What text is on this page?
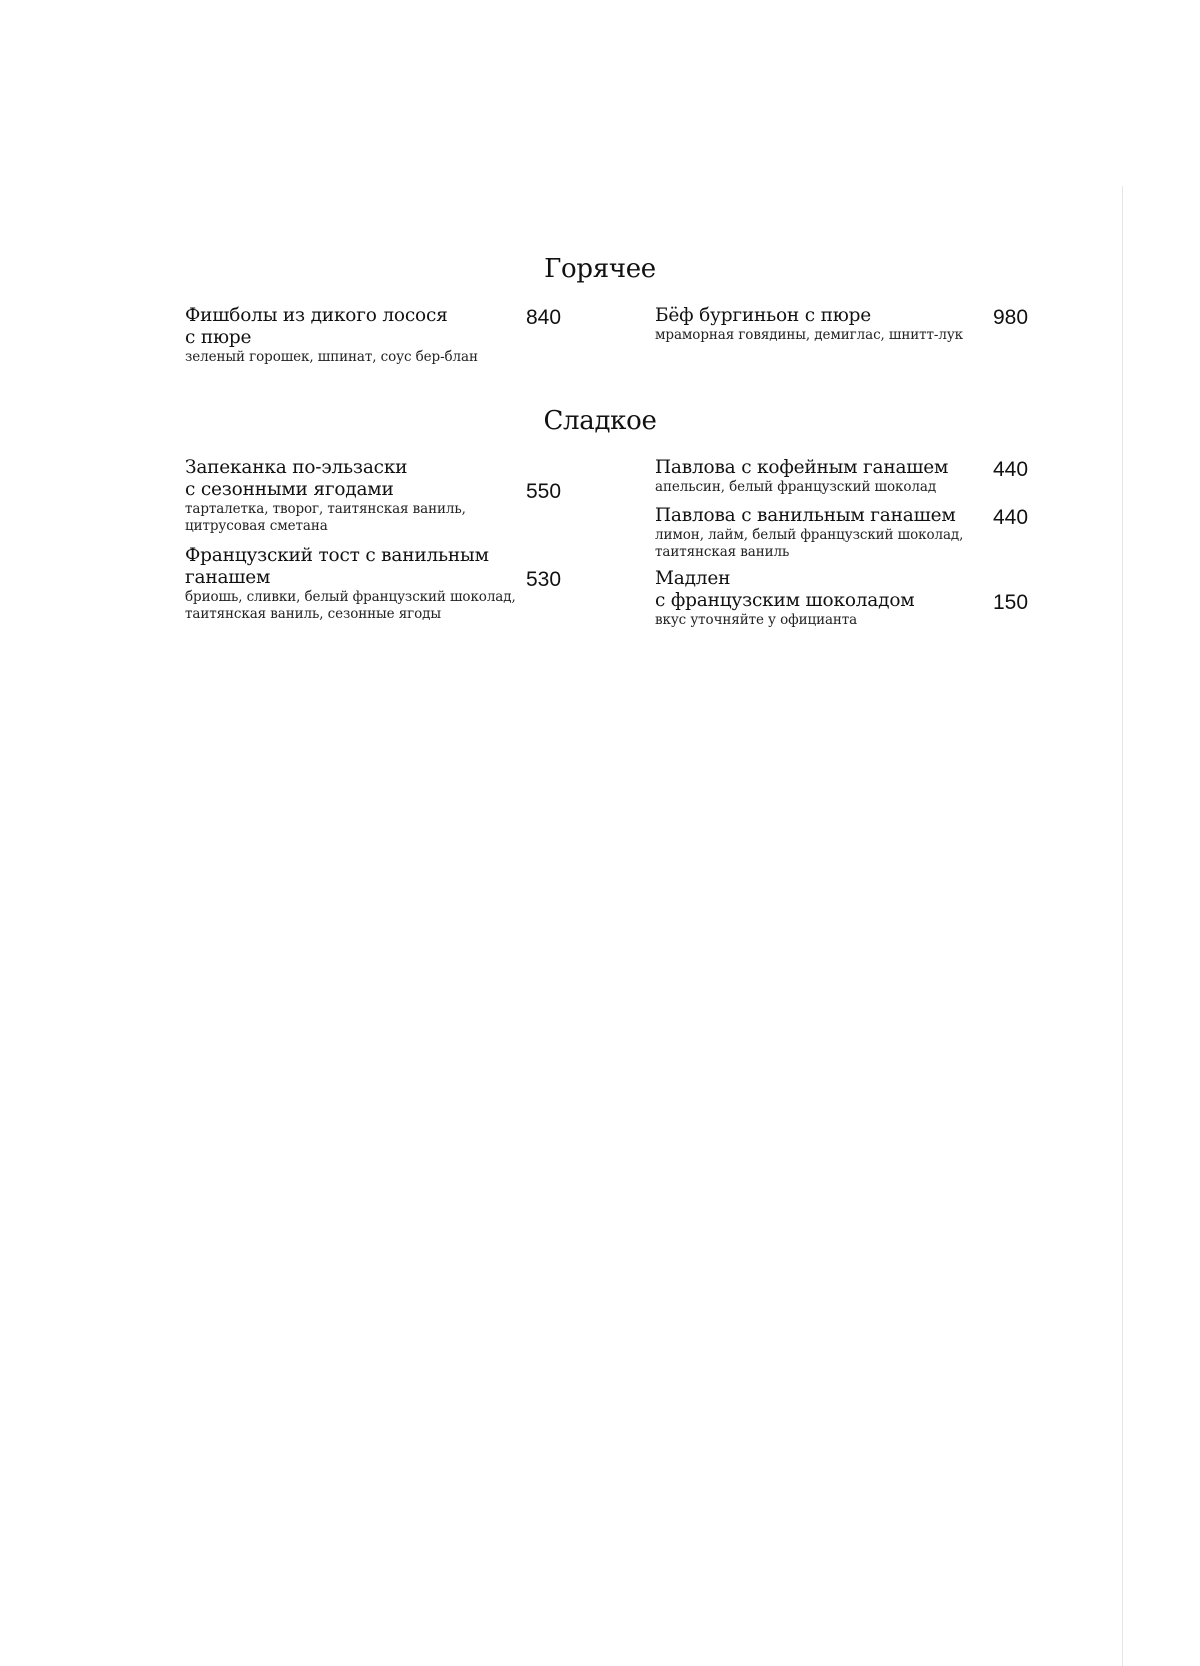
Горячее
Фишболы из дикого лосося
с пюре
зеленый горошек, шпинат, соус бер-блан
840	Бёф бургиньон с пюре
мраморная говядины, демиглас, шнитт-лук
980
Сладкое
Запеканка по-эльзаски
с сезонными ягодами
тарталетка, творог, таитянская ваниль,
цитрусовая сметана
550
Французский тост с ванильным
ганашем
бриошь, сливки, белый французский шоколад,
таитянская ваниль, сезонные ягоды
530
Павлова с кофейным ганашем
апельсин, белый французский шоколад
440
Павлова с ванильным ганашем
лимон, лайм, белый французский шоколад,
таитянская ваниль
440
Мадлен
с французским шоколадом
вкус уточняйте у официанта
150
